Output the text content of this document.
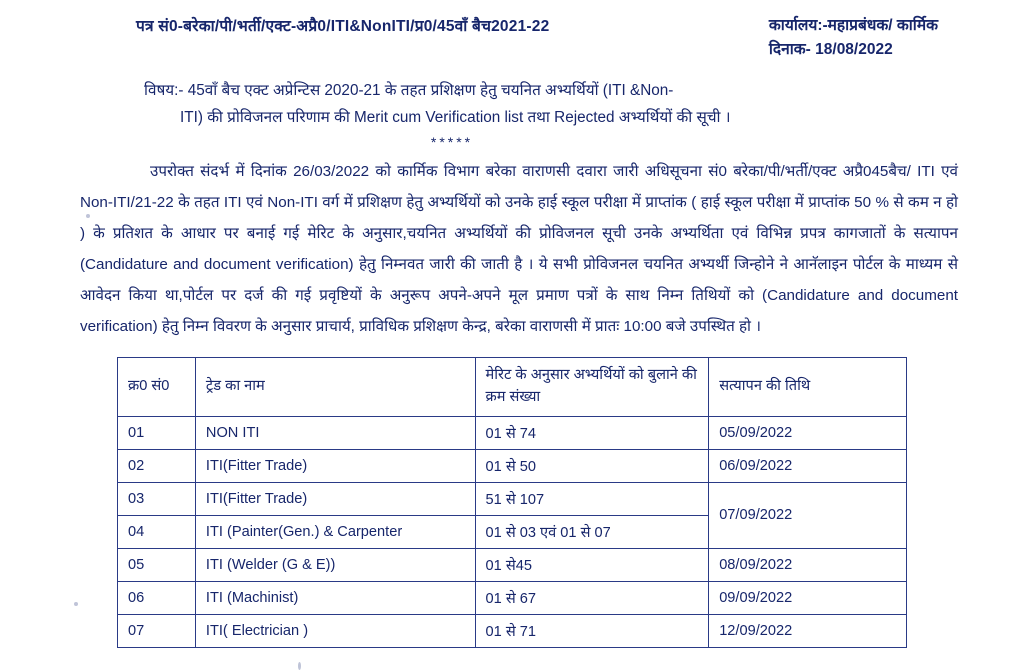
पत्र सं0-बरेका/पी/भर्ती/एक्ट-अप्रै0/ITI&NonITI/प्र0/45वाँ बैच2021-22	कार्यालय:-महाप्रबंधक/ कार्मिक
दिनाक- 18/08/2022
विषय:- 45वाँ बैच एक्ट अप्रेन्टिस 2020-21 के तहत प्रशिक्षण हेतु चयनित अभ्यर्थियों (ITI &Non-
ITI) की प्रोविजनल परिणाम की Merit cum Verification list तथा Rejected अभ्यर्थियों की सूची ।
*****
उपरोक्त संदर्भ में दिनांक 26/03/2022 को कार्मिक विभाग बरेका वाराणसी दवारा जारी अधिसूचना सं0 बरेका/पी/भर्ती/एक्ट अप्रै045बैच/ ITI एवं Non-ITI/21-22 के तहत ITI एवं Non-ITI वर्ग में प्रशिक्षण हेतु अभ्यर्थियों को उनके हाई स्कूल परीक्षा में प्राप्तांक ( हाई स्कूल परीक्षा में प्राप्तांक 50 % से कम न हो ) के प्रतिशत के आधार पर बनाई गई मेरिट के अनुसार,चयनित अभ्यर्थियों की प्रोविजनल सूची उनके अभ्यर्थिता एवं विभिन्न प्रपत्र कागजातों के सत्यापन (Candidature and document verification) हेतु निम्नवत जारी की जाती है । ये सभी प्रोविजनल चयनित अभ्यर्थी जिन्होने ने आनॅलाइन पोर्टल के माध्यम से आवेदन किया था,पोर्टल पर दर्ज की गई प्रवृष्टियों के अनुरूप अपने-अपने मूल प्रमाण पत्रों के साथ निम्न तिथियों को (Candidature and document verification) हेतु निम्न विवरण के अनुसार प्राचार्य, प्राविधिक प्रशिक्षण केन्द्र, बरेका वाराणसी में प्रातः 10:00 बजे उपस्थित हो ।
क्र0 सं0	ट्रेड का नाम	मेरिट के अनुसार अभ्यर्थियों को बुलाने की क्रम संख्या	सत्यापन की तिथि
01	NON ITI	01 से 74	05/09/2022
02	ITI(Fitter Trade)	01 से 50	06/09/2022
03	ITI(Fitter Trade)	51 से 107	07/09/2022
04	ITI (Painter(Gen.) & Carpenter	01 से 03 एवं 01 से 07	
05	ITI (Welder (G & E))	01 से45	08/09/2022
06	ITI (Machinist)	01 से 67	09/09/2022
07	ITI( Electrician )	01 से 71	12/09/2022
